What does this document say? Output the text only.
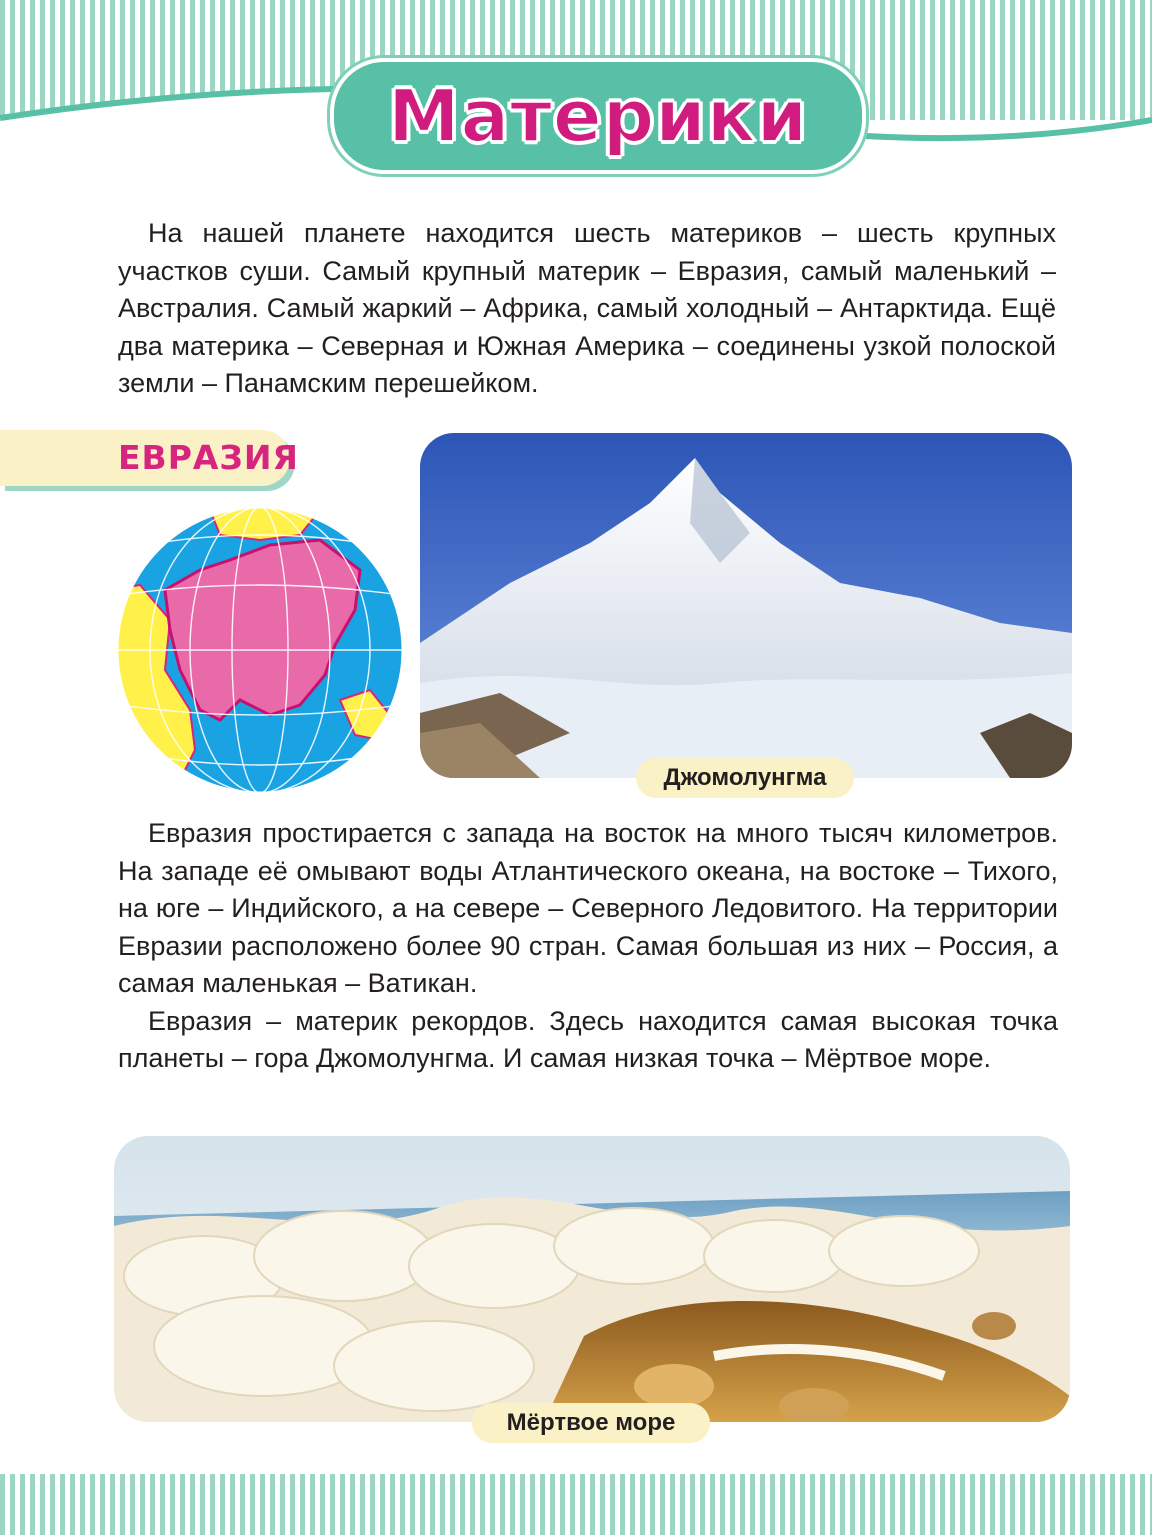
Материки

На нашей планете находится шесть материков – шесть крупных участков суши. Самый крупный материк – Евразия, самый маленький – Австралия. Самый жаркий – Африка, самый холодный – Антарктида. Ещё два материка – Северная и Южная Америка – соединены узкой полоской земли – Панамским перешейком.

ЕВРАЗИЯ
Джомолунгма

Евразия простирается с запада на восток на много тысяч километров. На западе её омывают воды Атлантического океана, на востоке – Тихого, на юге – Индийского, а на севере – Северного Ледовитого. На территории Евразии расположено более 90 стран. Самая большая из них – Россия, а самая маленькая – Ватикан.

Евразия – материк рекордов. Здесь находится самая высокая точка планеты – гора Джомолунгма. И самая низкая точка – Мёртвое море.

Мёртвое море
